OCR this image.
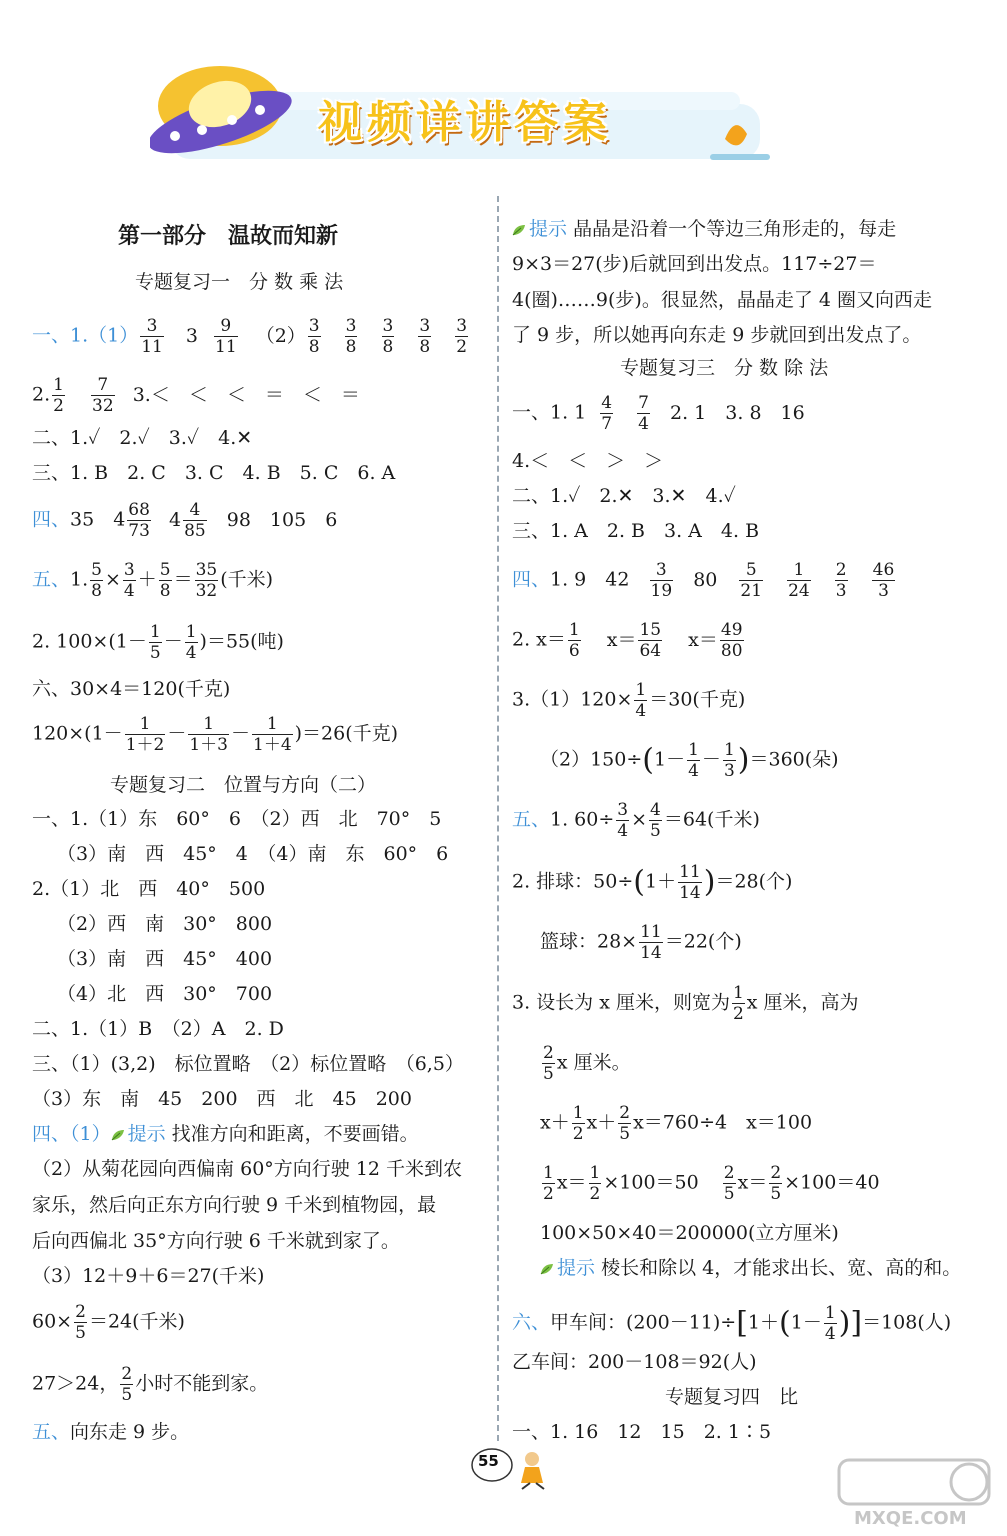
视频详讲答案
第一部分　温故而知新
专题复习一　分 数 乘 法
一、$1.(1) \frac{3}{11} 3 \frac{9}{11} (2) \frac{3}{8}$
$\frac{3}{8}$
$\frac{3}{8}$
$\frac{3}{8}$
$\frac{3}{2}$
2. $\frac{1}{2}$
$\frac{7}{32} 3.<$　＜　＜　＝　＜　＝
二、1.✓　2.✓　3.✓　4.✕
三、1. B　2. C　3. C　4. B　5. C　6. A
四、35　$4 \frac{68}{73} 4 \frac{4}{85} 98$　105　6
五、1. $\frac{5}{8} \times \frac{3}{4} + \frac{5}{8} = \frac{35}{32}$ (千米)
2. $100\times(1- \frac{1}{5} - \frac{1}{4} )=55$(吨)
六、30×4＝120(千克)
$120\times(1- \frac{1}{1+2} - \frac{1}{1+3} - \frac{1}{1+4} )=26$(千克)
专题复习二　位置与方向（二）
一、1.（1）东　60°　6　（2）西　北　70°　5
　 （3）南　西　45°　4　（4）南　东　60°　6
2.（1）北　西　40°　500
　 （2）西　南　30°　800
　 （3）南　西　45°　400
　 （4）北　西　30°　700
二、1.（1）B　（2）A　2. D
三、（1）(3,2)　标位置略　（2）标位置略　（6,5）
（3）东　南　45　200　西　北　45　200
四、（1） 提示 找准方向和距离，不要画错。
（2）从菊花园向西偏南 60°方向行驶 12 千米到农
家乐，然后向正东方向行驶 9 千米到植物园，最
后向西偏北 35°方向行驶 6 千米就到家了。
（3）12＋9＋6＝27(千米)
$60\times \frac{2}{5} =24$(千米)
27＞24， $\frac{2}{5}$ 小时不能到家。
五、向东走 9 步。
提示 晶晶是沿着一个等边三角形走的，每走
9×3＝27(步)后就回到出发点。117÷27＝
4(圈)……9(步)。很显然，晶晶走了 4 圈又向西走
了 9 步，所以她再向东走 9 步就回到出发点了。
专题复习三　分 数 除 法
一、1. $1 \frac{4}{7}$
$\frac{7}{4} 2$. 1　3. 8　16
4.＜　＜　＞　＞
二、1.✓　2.✕　3.✕　4.✓
三、1. A　2. B　3. A　4. B
四、1. 9　$42 \frac{3}{19} 80 \frac{5}{21}$
$\frac{1}{24}$
$\frac{2}{3}$
$\frac{46}{3}$
2. $x= \frac{1}{6} x= \frac{15}{64} x= \frac{49}{80}$
$3.(1)120\times \frac{1}{4} =30$(千克)
$(2)150\div(1- \frac{1}{4} - \frac{1}{3} )=360$(朵)
五、1. $60\div \frac{3}{4} \times \frac{4}{5} =64$(千米)
2. 排球：$50\div(1+ \frac{11}{14} )=28$(个)
篮球：$28\times \frac{11}{14} =22$(个)
3. 设长为 x 厘米，则宽为 $\frac{1}{2}$ x 厘米，高为
$\frac{2}{5}$ x 厘米。
$x+ \frac{1}{2} x+ \frac{2}{5} x=760\div 4$　x＝100
$\frac{1}{2} x= \frac{1}{2} \times 100=50 \frac{2}{5} x= \frac{2}{5} \times 100=40$
100×50×40＝200000(立方厘米)
提示 棱长和除以 4，才能求出长、宽、高的和。
六、甲车间：$(200-11)\div[1+(1- \frac{1}{4} )]=108$(人)
乙车间：200－108＝92(人)
专题复习四　比
一、1. 16　12　15　2. 1∶5
55
MXQE.COM
